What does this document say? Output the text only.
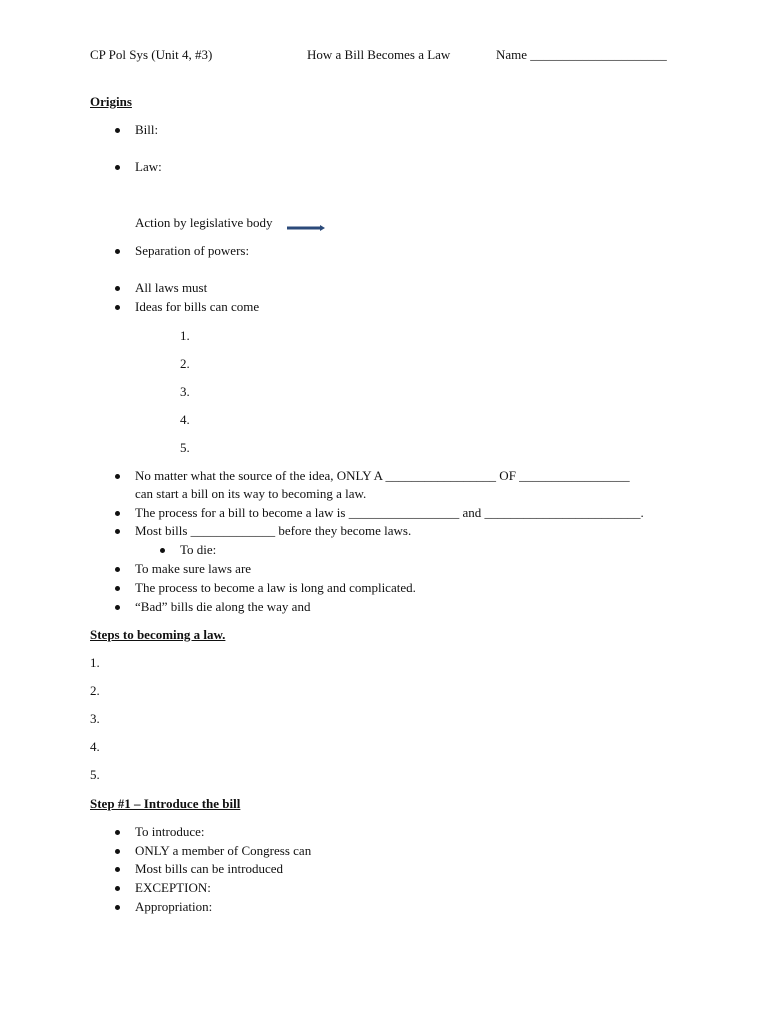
CP Pol Sys (Unit 4, #3)	How a Bill Becomes a Law	Name _____________________
Origins
Bill:
Law:
Action by legislative body
Separation of powers:
All laws must
Ideas for bills can come
1.
2.
3.
4.
5.
No matter what the source of the idea, ONLY A _________________ OF _________________
can start a bill on its way to becoming a law.
The process for a bill to become a law is _________________ and ________________________.
Most bills _____________ before they become laws.
To die:
To make sure laws are
The process to become a law is long and complicated.
“Bad” bills die along the way and
Steps to becoming a law.
1.
2.
3.
4.
5.
Step #1 – Introduce the bill
To introduce:
ONLY a member of Congress can
Most bills can be introduced
EXCEPTION:
Appropriation:
